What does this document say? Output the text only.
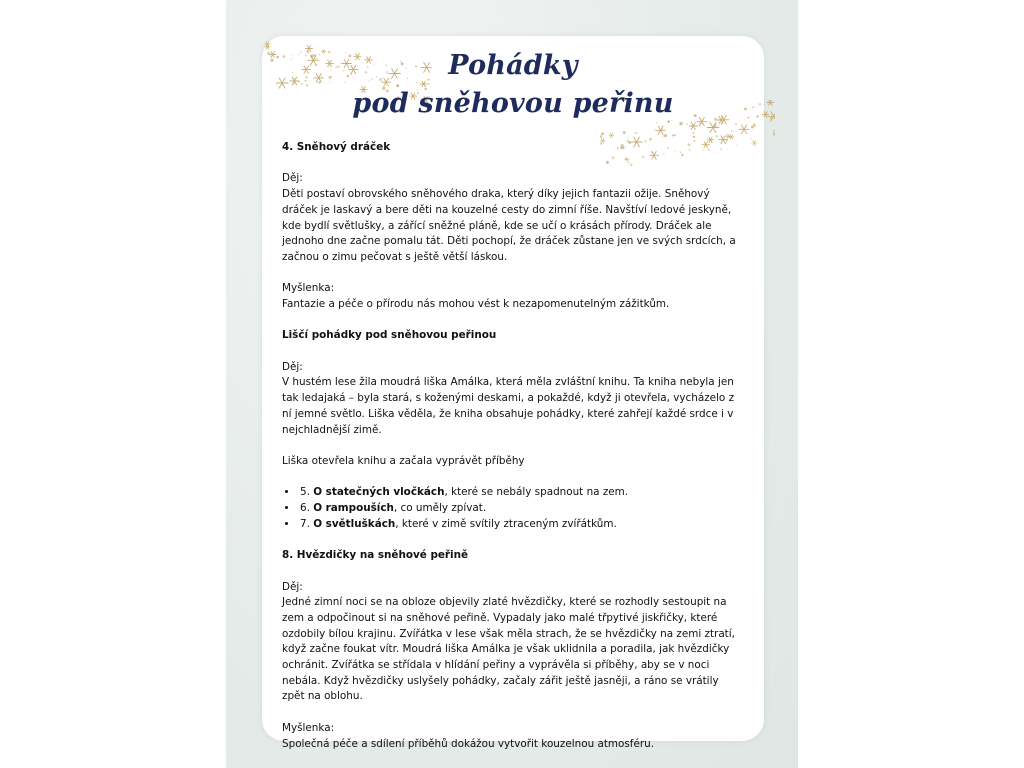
Pohádky
pod sněhovou peřinu

4. Sněhový dráček

Děj:

Děti postaví obrovského sněhového draka, který díky jejich fantazii ožije. Sněhový dráček je laskavý a bere děti na kouzelné cesty do zimní říše. Navštíví ledové jeskyně, kde bydlí světlušky, a zářící sněžné pláně, kde se učí o krásách přírody. Dráček ale jednoho dne začne pomalu tát. Děti pochopí, že dráček zůstane jen ve svých srdcích, a začnou o zimu pečovat s ještě větší láskou.

Myšlenka:

Fantazie a péče o přírodu nás mohou vést k nezapomenutelným zážitkům.

Liščí pohádky pod sněhovou peřinou

Děj:

V hustém lese žila moudrá liška Amálka, která měla zvláštní knihu. Ta kniha nebyla jen tak ledajaká – byla stará, s koženými deskami, a pokaždé, když ji otevřela, vycházelo z ní jemné světlo. Liška věděla, že kniha obsahuje pohádky, které zahřejí každé srdce i v nejchladnější zimě.

Liška otevřela knihu a začala vyprávět příběhy

• 5. O statečných vločkách, které se nebály spadnout na zem.
• 6. O rampouších, co uměly zpívat.
• 7. O světluškách, které v zimě svítily ztraceným zvířátkům.

8. Hvězdičky na sněhové peřině

Děj:

Jedné zimní noci se na obloze objevily zlaté hvězdičky, které se rozhodly sestoupit na zem a odpočinout si na sněhové peřině. Vypadaly jako malé třpytivé jiskřičky, které ozdobily bílou krajinu. Zvířátka v lese však měla strach, že se hvězdičky na zemi ztratí, když začne foukat vítr. Moudrá liška Amálka je však uklidnila a poradila, jak hvězdičky ochránit. Zvířátka se střídala v hlídání peřiny a vyprávěla si příběhy, aby se v noci nebála. Když hvězdičky uslyšely pohádky, začaly zářit ještě jasněji, a ráno se vrátily zpět na oblohu.

Myšlenka:

Společná péče a sdílení příběhů dokážou vytvořit kouzelnou atmosféru.
